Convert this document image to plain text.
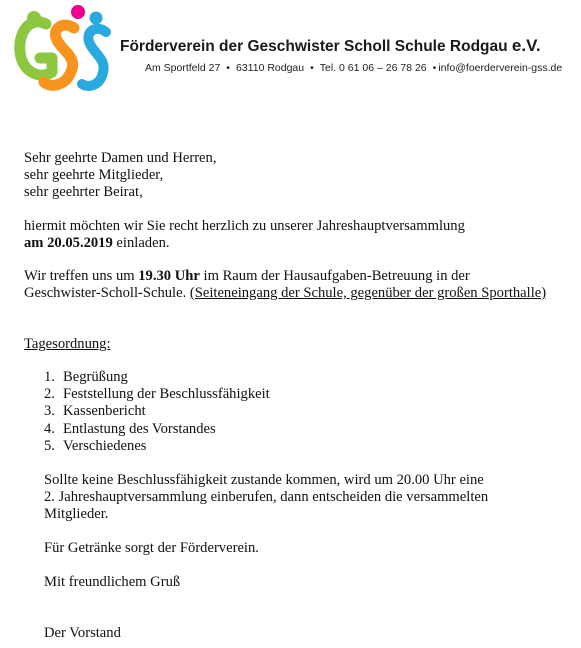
Förderverein der Geschwister Scholl Schule Rodgau e.V.
Am Sportfeld 27 • 63110 Rodgau • Tel. 0 61 06 – 26 78 26 • info@foerderverein-gss.de
Sehr geehrte Damen und Herren,
sehr geehrte Mitglieder,
sehr geehrter Beirat,
hiermit möchten wir Sie recht herzlich zu unserer Jahreshauptversammlung
am 20.05.2019 einladen.
Wir treffen uns um 19.30 Uhr im Raum der Hausaufgaben-Betreuung in der
Geschwister-Scholl-Schule. (Seiteneingang der Schule, gegenüber der großen Sporthalle)
Tagesordnung:
1. Begrüßung
2. Feststellung der Beschlussfähigkeit
3. Kassenbericht
4. Entlastung des Vorstandes
5. Verschiedenes
Sollte keine Beschlussfähigkeit zustande kommen, wird um 20.00 Uhr eine
2. Jahreshauptversammlung einberufen, dann entscheiden die versammelten
Mitglieder.
Für Getränke sorgt der Förderverein.
Mit freundlichem Gruß
Der Vorstand
